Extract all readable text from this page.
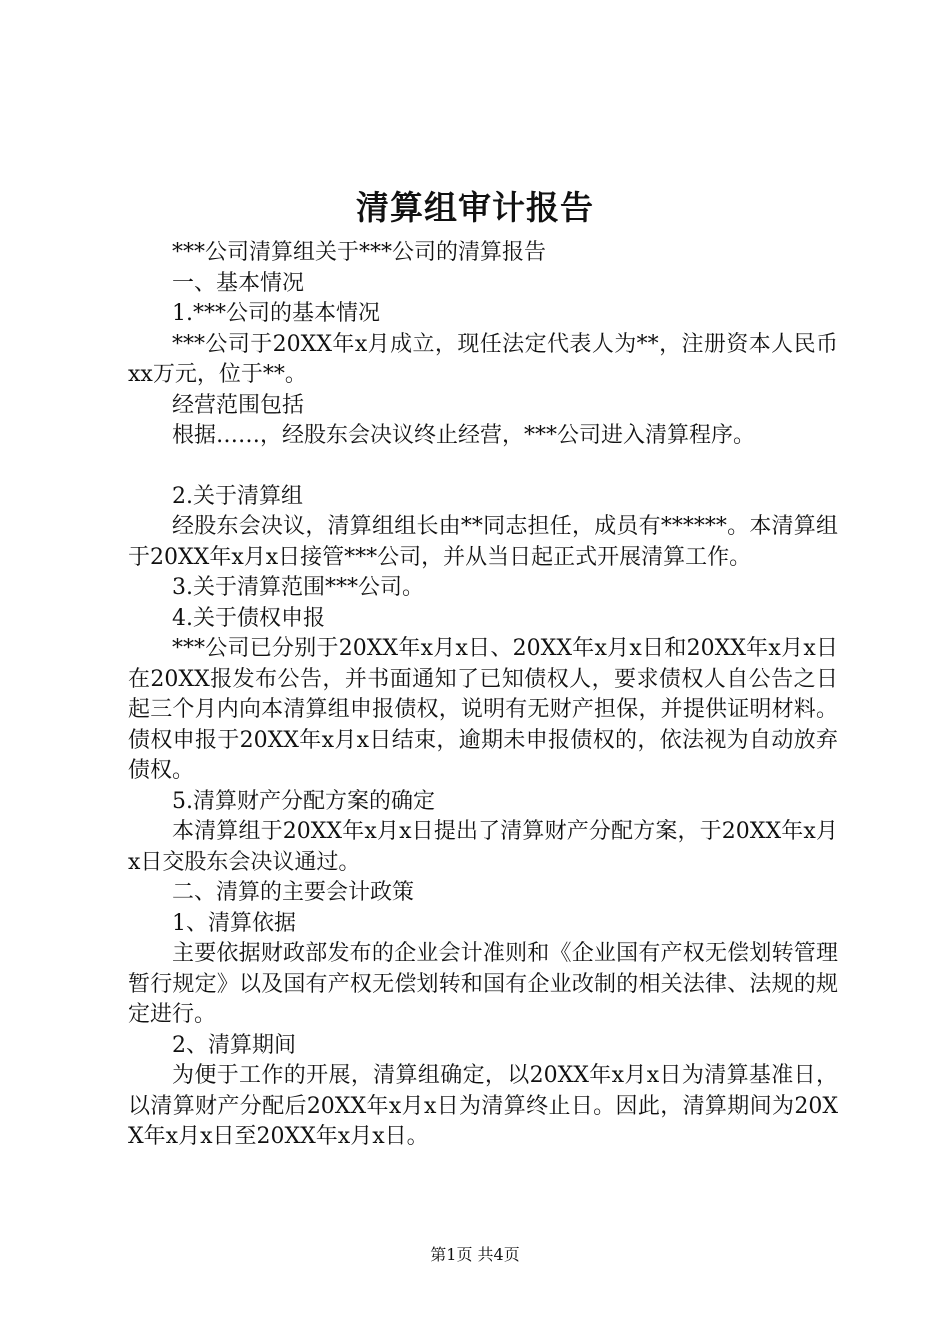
清算组审计报告

***公司清算组关于***公司的清算报告

一、基本情况

1.***公司的基本情况

***公司于20XX年x月成立，现任法定代表人为**，注册资本人民币xx万元，位于**。

经营范围包括

根据……，经股东会决议终止经营，***公司进入清算程序。

2.关于清算组

经股东会决议，清算组组长由**同志担任，成员有******。本清算组于20XX年x月x日接管***公司，并从当日起正式开展清算工作。

3.关于清算范围***公司。

4.关于债权申报

***公司已分别于20XX年x月x日、20XX年x月x日和20XX年x月x日在20XX报发布公告，并书面通知了已知债权人，要求债权人自公告之日起三个月内向本清算组申报债权，说明有无财产担保，并提供证明材料。债权申报于20XX年x月x日结束，逾期未申报债权的，依法视为自动放弃债权。

5.清算财产分配方案的确定

本清算组于20XX年x月x日提出了清算财产分配方案，于20XX年x月x日交股东会决议通过。

二、清算的主要会计政策

1、清算依据

主要依据财政部发布的企业会计准则和《企业国有产权无偿划转管理暂行规定》以及国有产权无偿划转和国有企业改制的相关法律、法规的规定进行。

2、清算期间

为便于工作的开展，清算组确定，以20XX年x月x日为清算基准日，以清算财产分配后20XX年x月x日为清算终止日。因此，清算期间为20XX年x月x日至20XX年x月x日。

第1页 共4页
